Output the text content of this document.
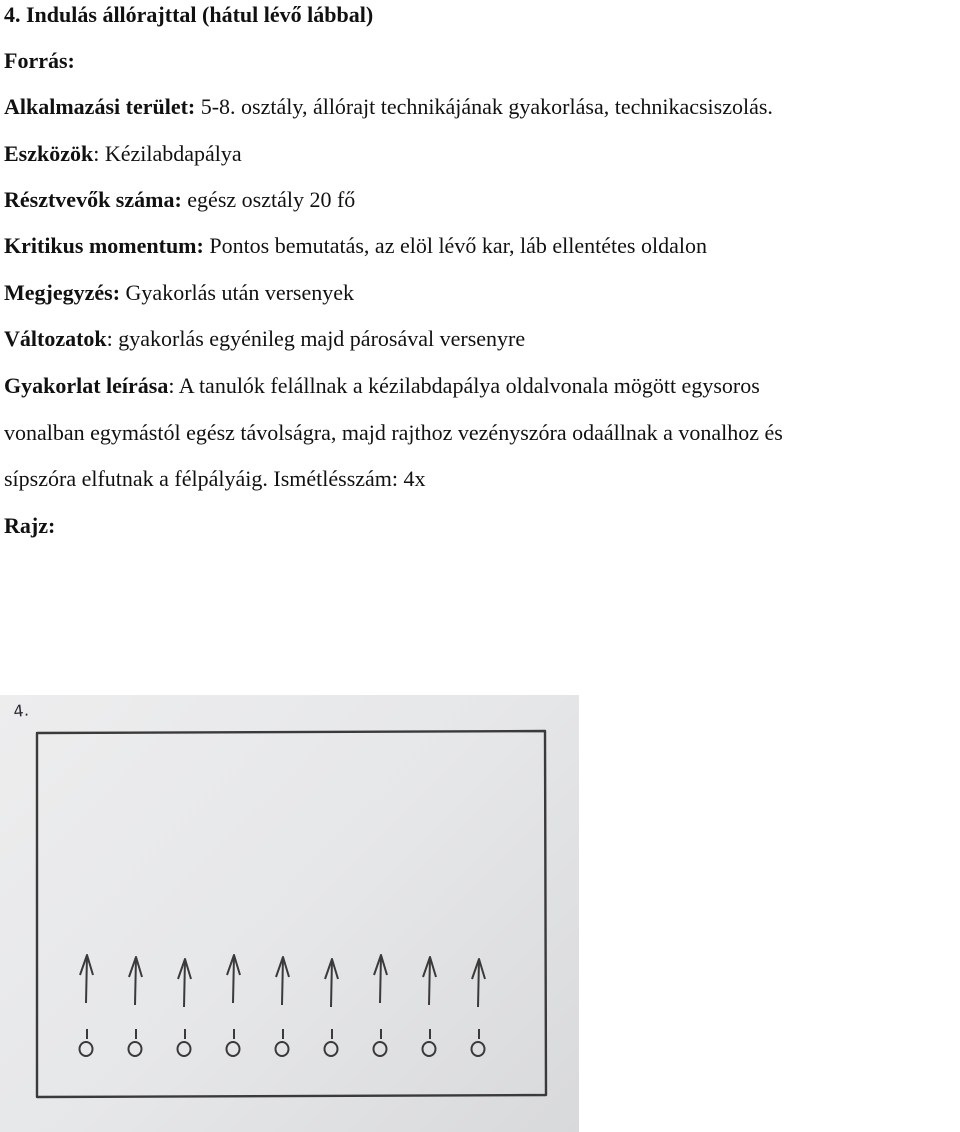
4. Indulás állórajttal (hátul lévő lábbal)
Forrás:
Alkalmazási terület: 5-8. osztály, állórajt technikájának gyakorlása, technikacsiszolás.
Eszközök: Kézilabdapálya
Résztvevők száma: egész osztály 20 fő
Kritikus momentum: Pontos bemutatás, az elöl lévő kar, láb ellentétes oldalon
Megjegyzés: Gyakorlás után versenyek
Változatok: gyakorlás egyénileg majd párosával versenyre
Gyakorlat leírása: A tanulók felállnak a kézilabdapálya oldalvonala mögött egysoros
vonalban egymástól egész távolságra, majd rajthoz vezényszóra odaállnak a vonalhoz és
sípszóra elfutnak a félpályáig. Ismétlésszám: 4x
Rajz:
4.
